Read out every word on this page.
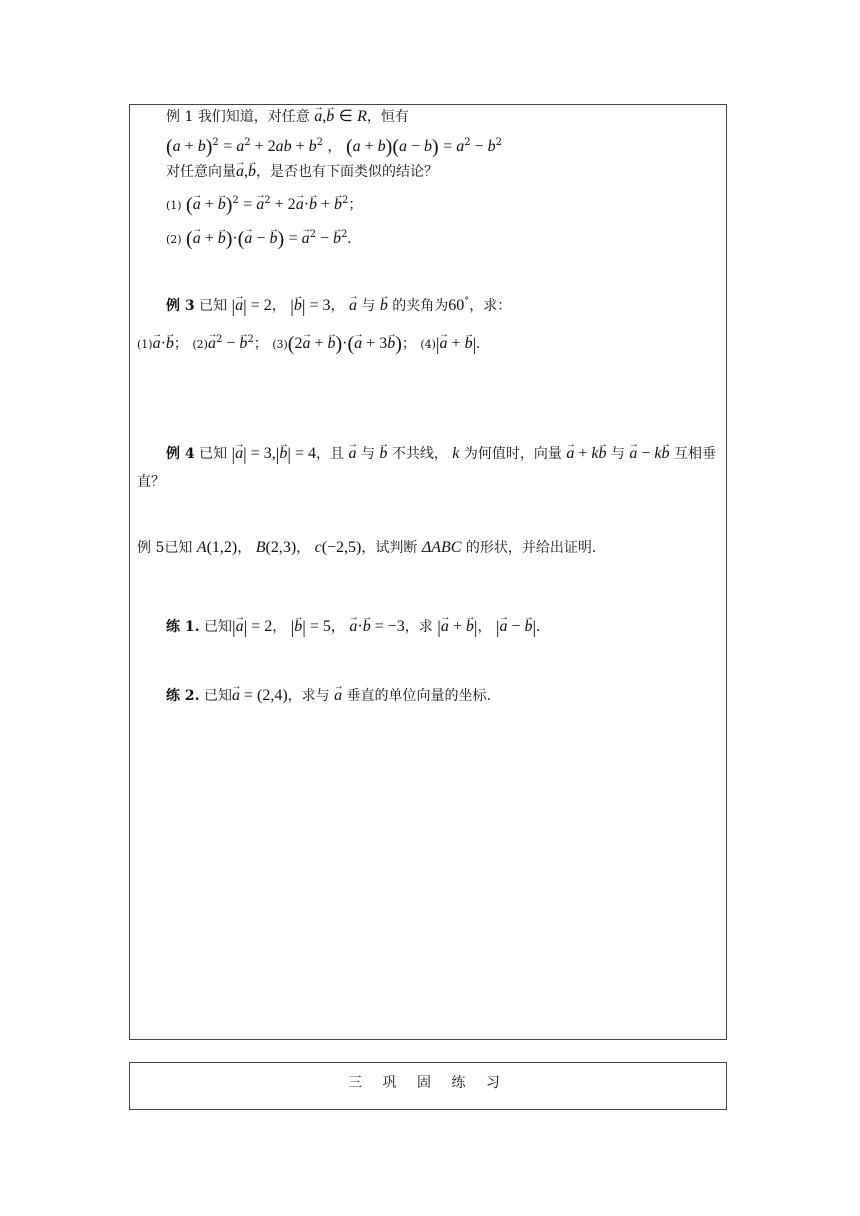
例 1 我们知道，对任意 → a,→ b ∈ R，恒有
$(a + b)^2 = a^2 + 2ab + b^2$ ， $(a + b)(a - b) = a^2 - b^2$
对任意向量→ a,→ b，是否也有下面类似的结论？
(1) (→ a + → b)$^2$ = → $a^2 + 2\to a\cdot\to b$ + → $b^2$；
(2) (→ a + → b)·(→ a − → b) = → $a^2$ − → $b^2$.
例 3 已知 |→ a| = 2， |→ b| = 3， → a 与 → b 的夹角为60°，求：
(1)→ a·→ b； $(2)\to a^2$ − → $b^2$； (3)(2→ a + → b)·(→ a + 3→ b)； (4)|→ a + → b|.
例 4 已知 |→ a| = 3,|→ b| = 4，且 → a 与 → b 不共线， k 为何值时，向量 → a + k→ b 与 → a − k→ b 互相垂
直？
例 5已知 A(1,2)， B(2,3)， c(−2,5)，试判断 ΔABC 的形状，并给出证明.
练 1. 已知|→ a| = 2， |→ b| = 5， → a·→ b = −3，求 |→ a + → b|， |→ a − → b|.
练 2. 已知→ a = (2,4)，求与 → a 垂直的单位向量的坐标.
三 巩 固 练 习
